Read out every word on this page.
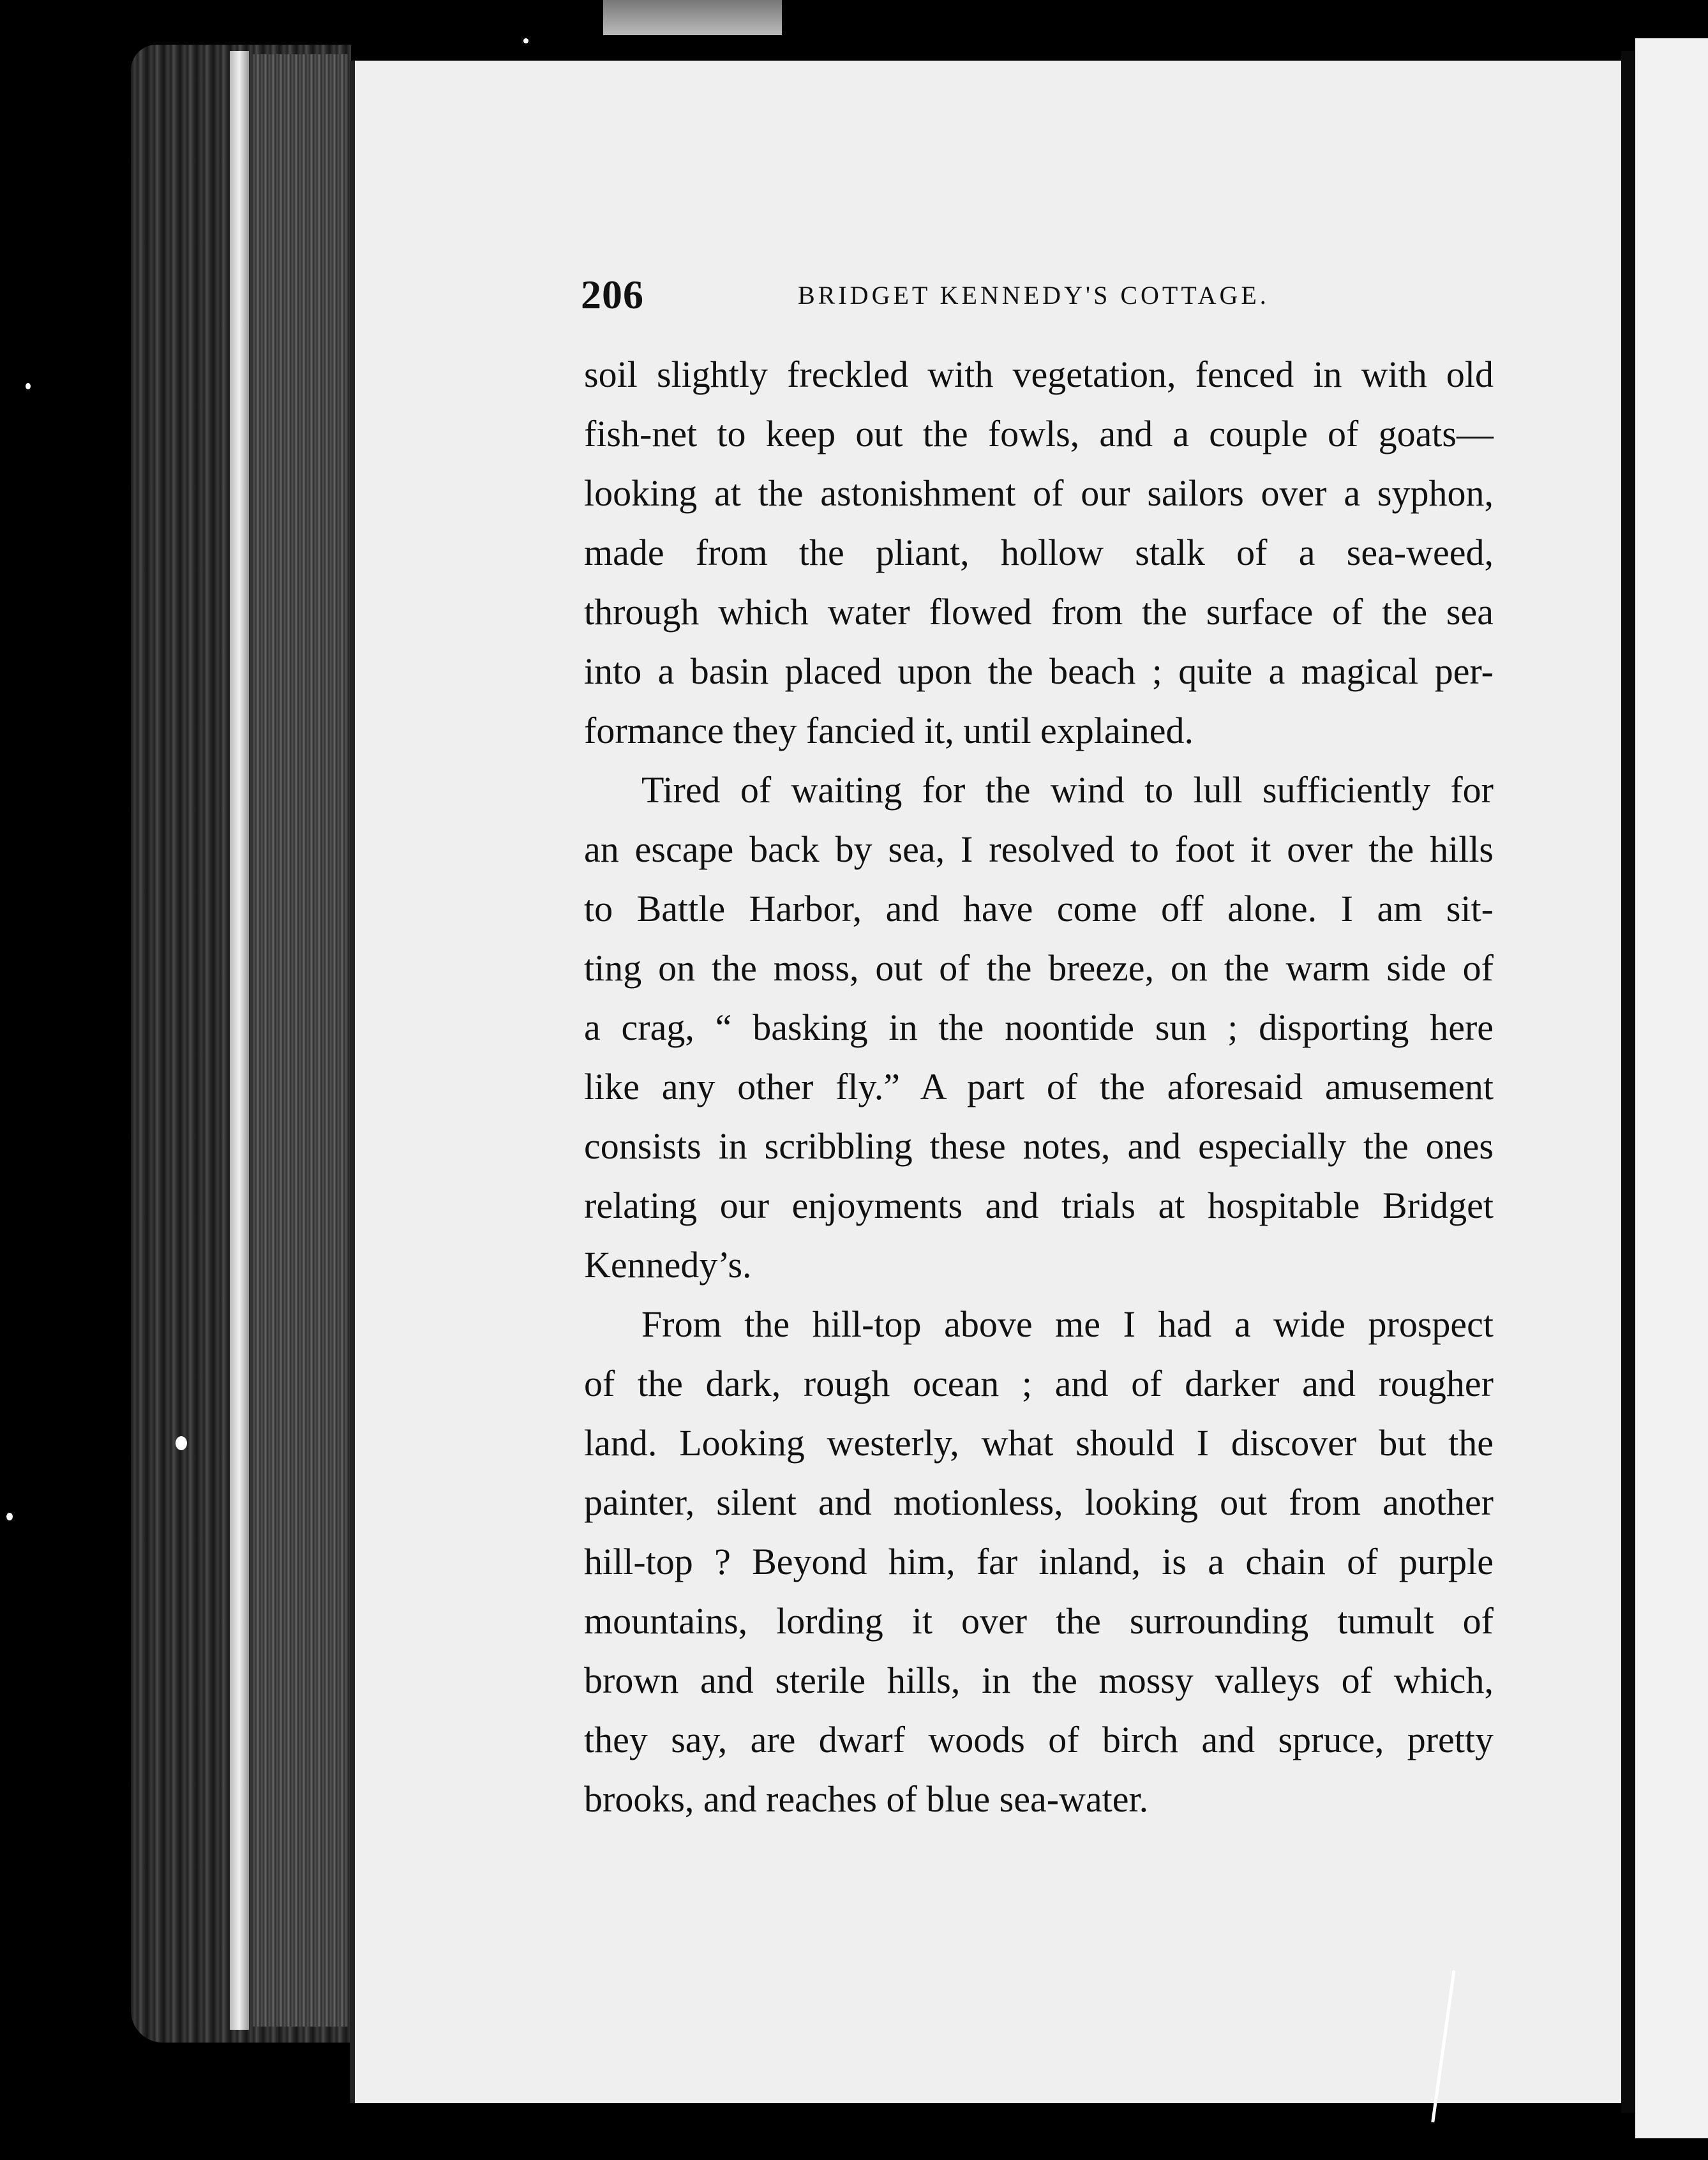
206	BRIDGET KENNEDY'S COTTAGE.
soil slightly freckled with vegetation, fenced in with old
fish-net to keep out the fowls, and a couple of goats—
looking at the astonishment of our sailors over a syphon,
made from the pliant, hollow stalk of a sea-weed,
through which water flowed from the surface of the sea
into a basin placed upon the beach ; quite a magical per-
formance they fancied it, until explained.
Tired of waiting for the wind to lull sufficiently for
an escape back by sea, I resolved to foot it over the hills
to Battle Harbor, and have come off alone. I am sit-
ting on the moss, out of the breeze, on the warm side of
a crag, “ basking in the noontide sun ; disporting here
like any other fly.” A part of the aforesaid amusement
consists in scribbling these notes, and especially the ones
relating our enjoyments and trials at hospitable Bridget
Kennedy’s.
From the hill-top above me I had a wide prospect
of the dark, rough ocean ; and of darker and rougher
land. Looking westerly, what should I discover but the
painter, silent and motionless, looking out from another
hill-top ? Beyond him, far inland, is a chain of purple
mountains, lording it over the surrounding tumult of
brown and sterile hills, in the mossy valleys of which,
they say, are dwarf woods of birch and spruce, pretty
brooks, and reaches of blue sea-water.
